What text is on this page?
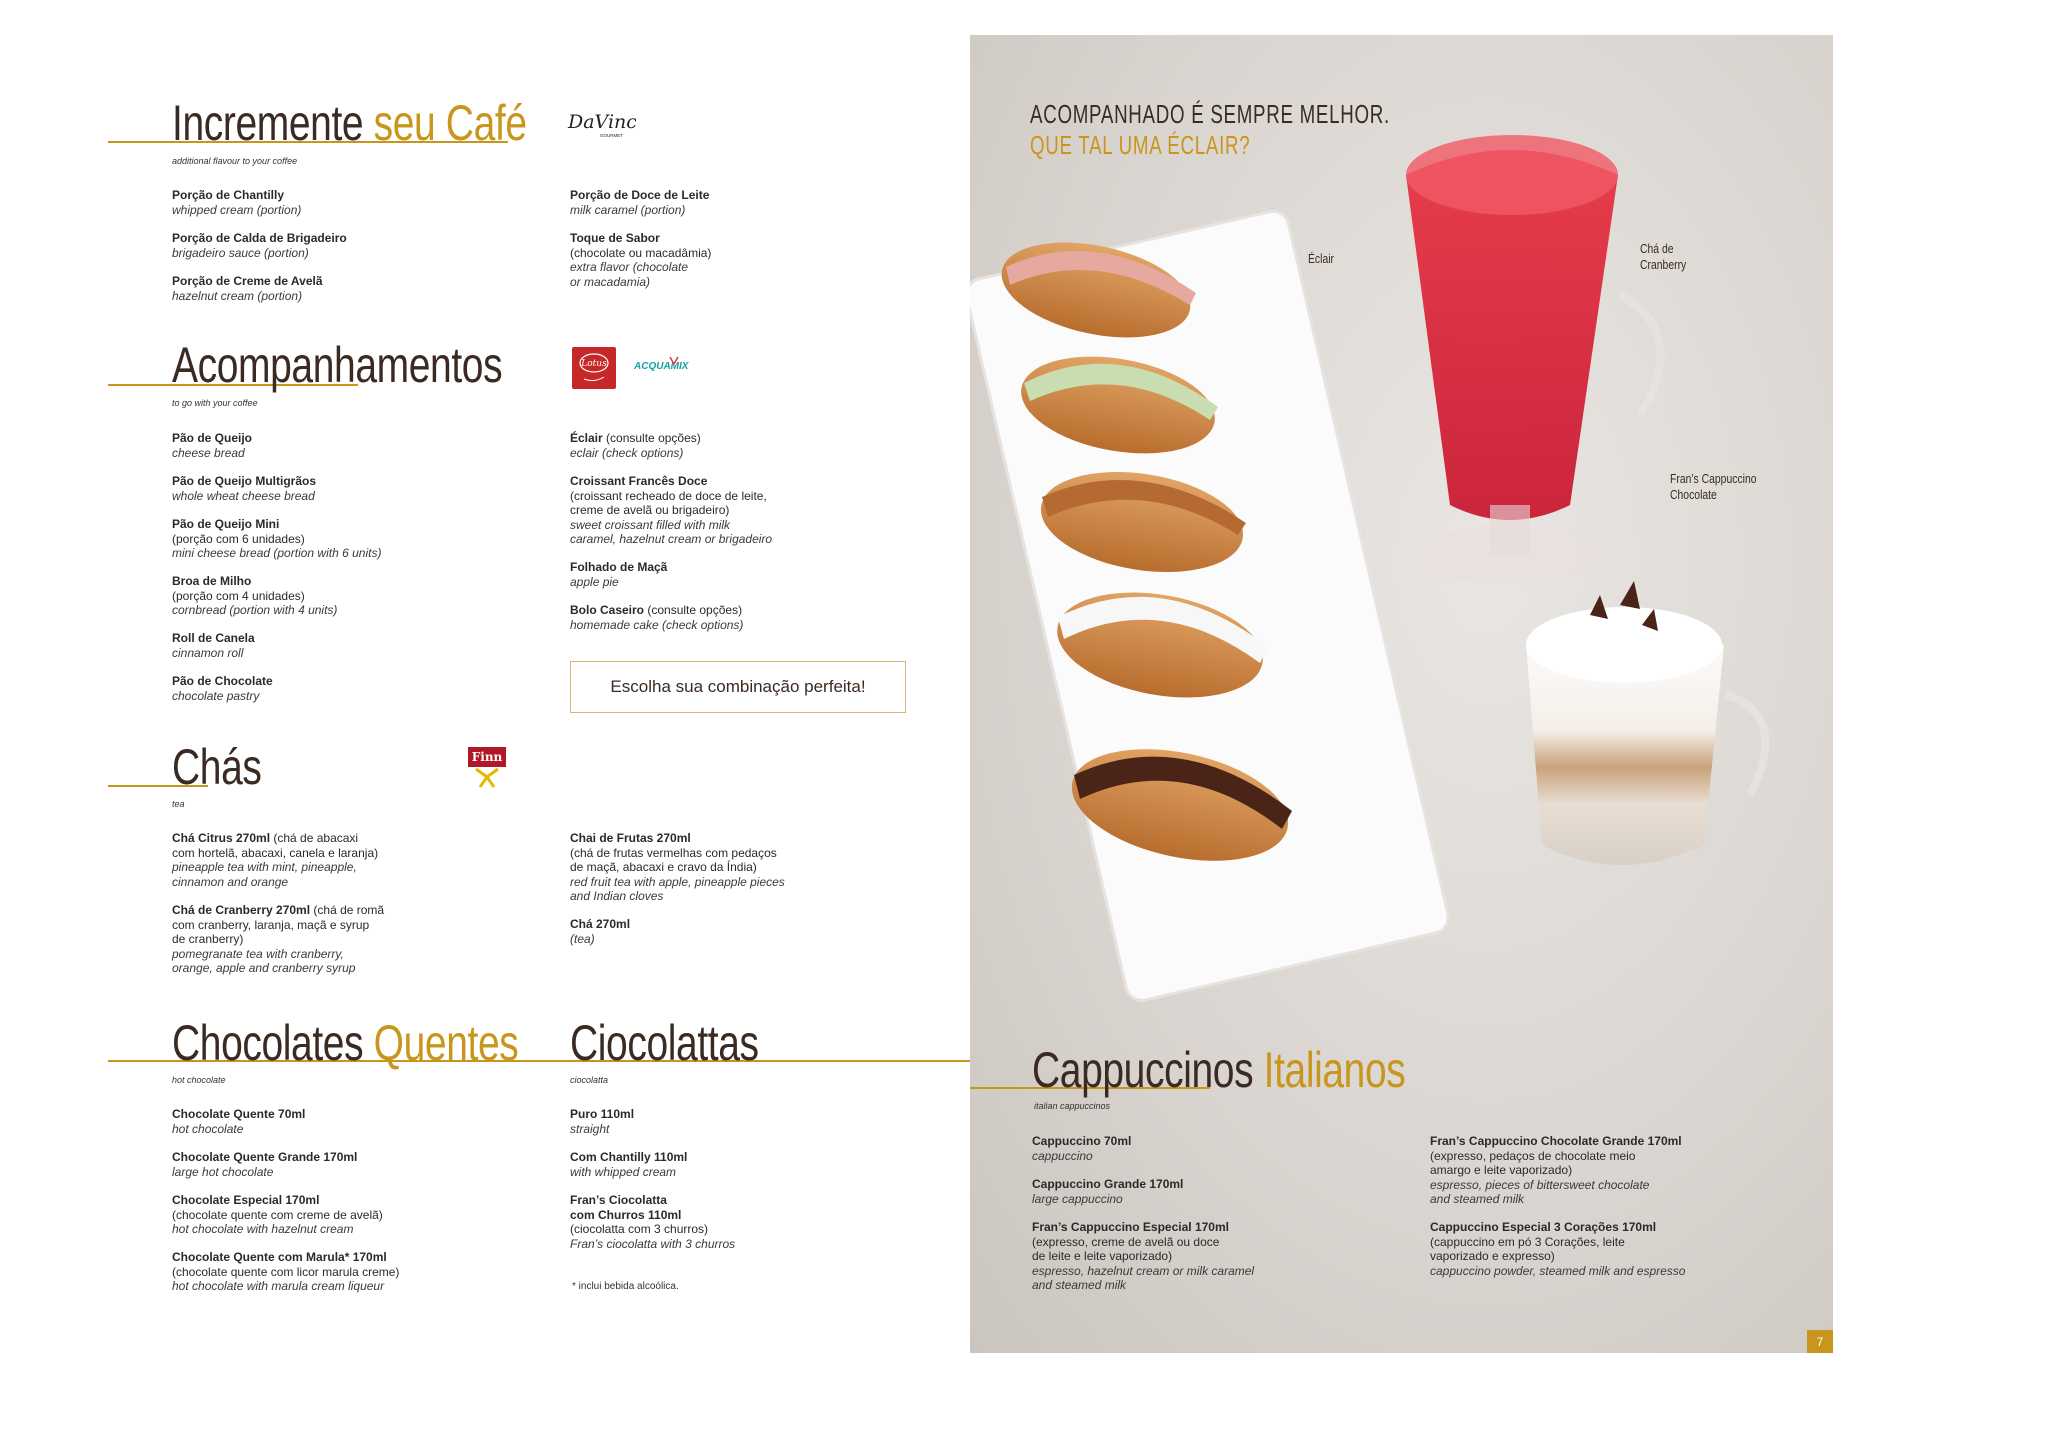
Incremente seu Café
additional flavour to your coffee
DaVinci
GOURMET
Porção de Chantilly
whipped cream (portion)
Porção de Calda de Brigadeiro
brigadeiro sauce (portion)
Porção de Creme de Avelã
hazelnut cream (portion)
Porção de Doce de Leite
milk caramel (portion)
Toque de Sabor
(chocolate ou macadâmia)
extra flavor (chocolate
or macadamia)
Acompanhamentos
to go with your coffee
Lotus	ACQUAMIX
Pão de Queijo
cheese bread
Pão de Queijo Multigrãos
whole wheat cheese bread
Pão de Queijo Mini
(porção com 6 unidades)
mini cheese bread (portion with 6 units)
Broa de Milho
(porção com 4 unidades)
cornbread (portion with 4 units)
Roll de Canela
cinnamon roll
Pão de Chocolate
chocolate pastry
Éclair (consulte opções)
eclair (check options)
Croissant Francês Doce
(croissant recheado de doce de leite,
creme de avelã ou brigadeiro)
sweet croissant filled with milk
caramel, hazelnut cream or brigadeiro
Folhado de Maçã
apple pie
Bolo Caseiro (consulte opções)
homemade cake (check options)
Escolha sua combinação perfeita!
Chás
tea
Finn
Chá Citrus 270ml (chá de abacaxi
com hortelã, abacaxi, canela e laranja)
pineapple tea with mint, pineapple,
cinnamon and orange
Chá de Cranberry 270ml (chá de romã
com cranberry, laranja, maçã e syrup
de cranberry)
pomegranate tea with cranberry,
orange, apple and cranberry syrup
Chai de Frutas 270ml
(chá de frutas vermelhas com pedaços
de maçã, abacaxi e cravo da Índia)
red fruit tea with apple, pineapple pieces
and Indian cloves
Chá 270ml
(tea)
Chocolates Quentes
hot chocolate
Chocolate Quente 70ml
hot chocolate
Chocolate Quente Grande 170ml
large hot chocolate
Chocolate Especial 170ml
(chocolate quente com creme de avelã)
hot chocolate with hazelnut cream
Chocolate Quente com Marula* 170ml
(chocolate quente com licor marula creme)
hot chocolate with marula cream liqueur
Ciocolattas
ciocolatta
Puro 110ml
straight
Com Chantilly 110ml
with whipped cream
Fran’s Ciocolatta
com Churros 110ml
(ciocolatta com 3 churros)
Fran’s ciocolatta with 3 churros
* inclui bebida alcoólica.
ACOMPANHADO É SEMPRE MELHOR.
QUE TAL UMA ÉCLAIR?
Éclair
Chá de
Cranberry
Fran’s Cappuccino
Chocolate
Cappuccinos Italianos
italian cappuccinos
Cappuccino 70ml
cappuccino
Cappuccino Grande 170ml
large cappuccino
Fran’s Cappuccino Especial 170ml
(expresso, creme de avelã ou doce
de leite e leite vaporizado)
espresso, hazelnut cream or milk caramel
and steamed milk
Fran’s Cappuccino Chocolate Grande 170ml
(expresso, pedaços de chocolate meio
amargo e leite vaporizado)
espresso, pieces of bittersweet chocolate
and steamed milk
Cappuccino Especial 3 Corações 170ml
(cappuccino em pó 3 Corações, leite
vaporizado e expresso)
cappuccino powder, steamed milk and espresso
7
